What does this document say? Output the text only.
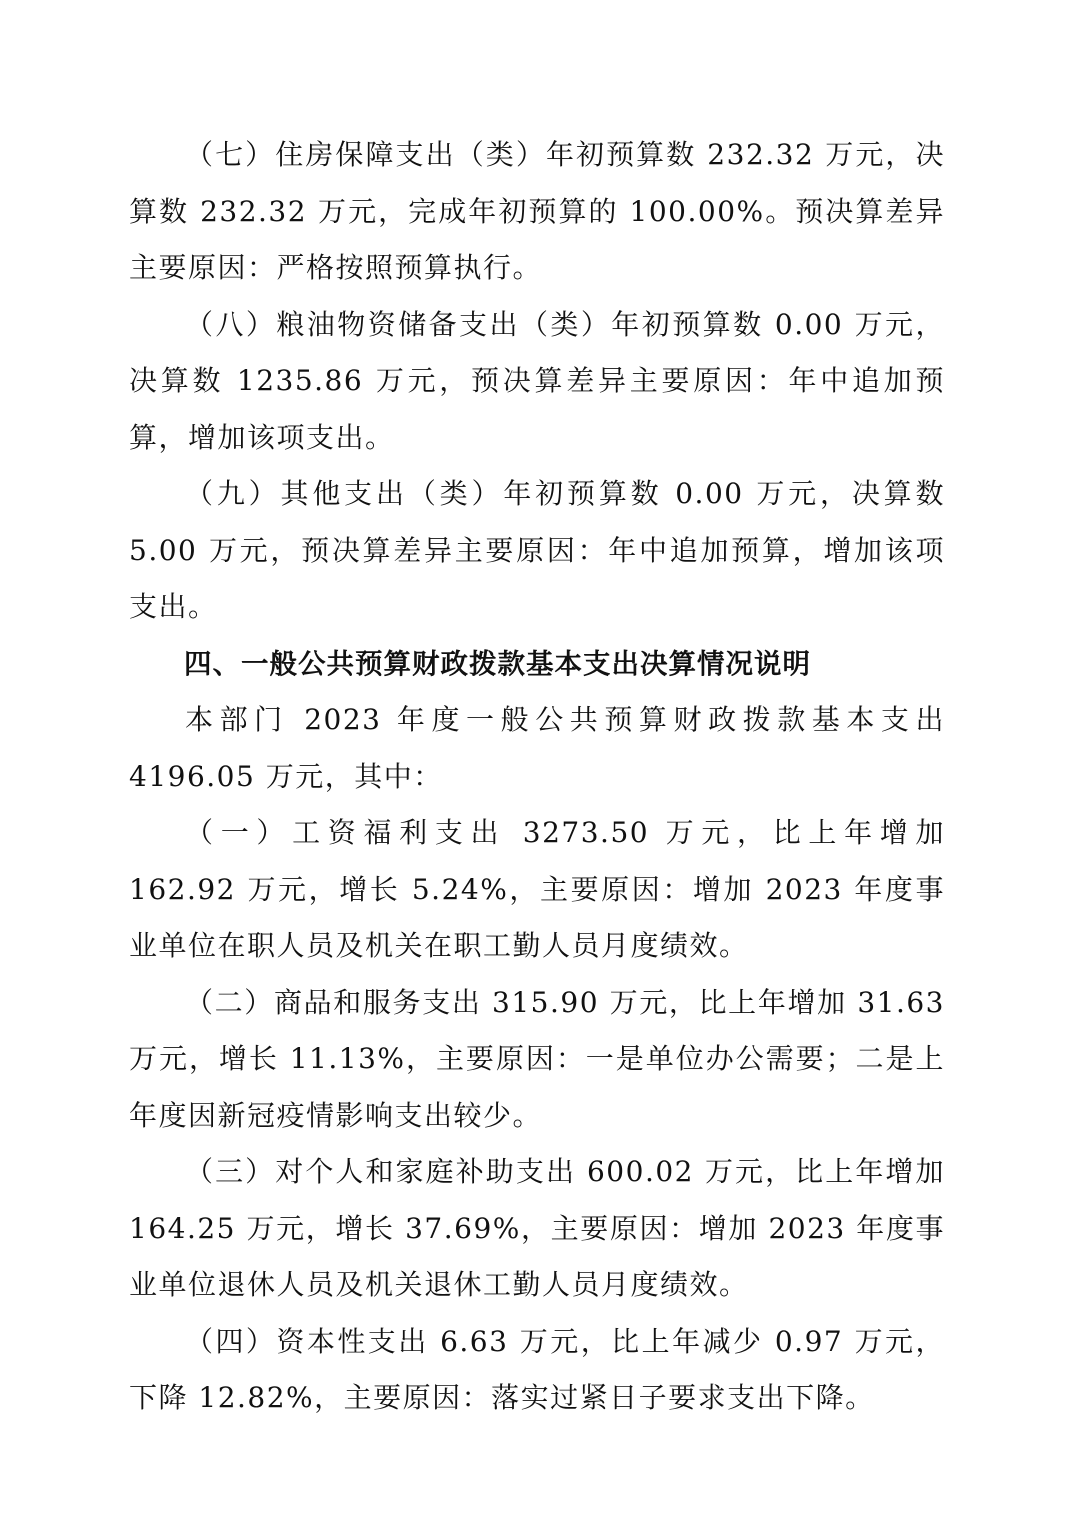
（七）住房保障支出（类）年初预算数 232.32 万元，决算数 232.32 万元，完成年初预算的 100.00%。预决算差异主要原因：严格按照预算执行。

（八）粮油物资储备支出（类）年初预算数 0.00 万元，决算数 1235.86 万元，预决算差异主要原因：年中追加预算，增加该项支出。

（九）其他支出（类）年初预算数 0.00 万元，决算数 5.00 万元，预决算差异主要原因：年中追加预算，增加该项支出。

四、一般公共预算财政拨款基本支出决算情况说明

本部门 2023 年度一般公共预算财政拨款基本支出 4196.05 万元，其中：

（一）工资福利支出 3273.50 万元，比上年增加 162.92 万元，增长 5.24%，主要原因：增加 2023 年度事业单位在职人员及机关在职工勤人员月度绩效。

（二）商品和服务支出 315.90 万元，比上年增加 31.63 万元，增长 11.13%，主要原因：一是单位办公需要；二是上年度因新冠疫情影响支出较少。

（三）对个人和家庭补助支出 600.02 万元，比上年增加 164.25 万元，增长 37.69%，主要原因：增加 2023 年度事业单位退休人员及机关退休工勤人员月度绩效。

（四）资本性支出 6.63 万元，比上年减少 0.97 万元，下降 12.82%，主要原因：落实过紧日子要求支出下降。
